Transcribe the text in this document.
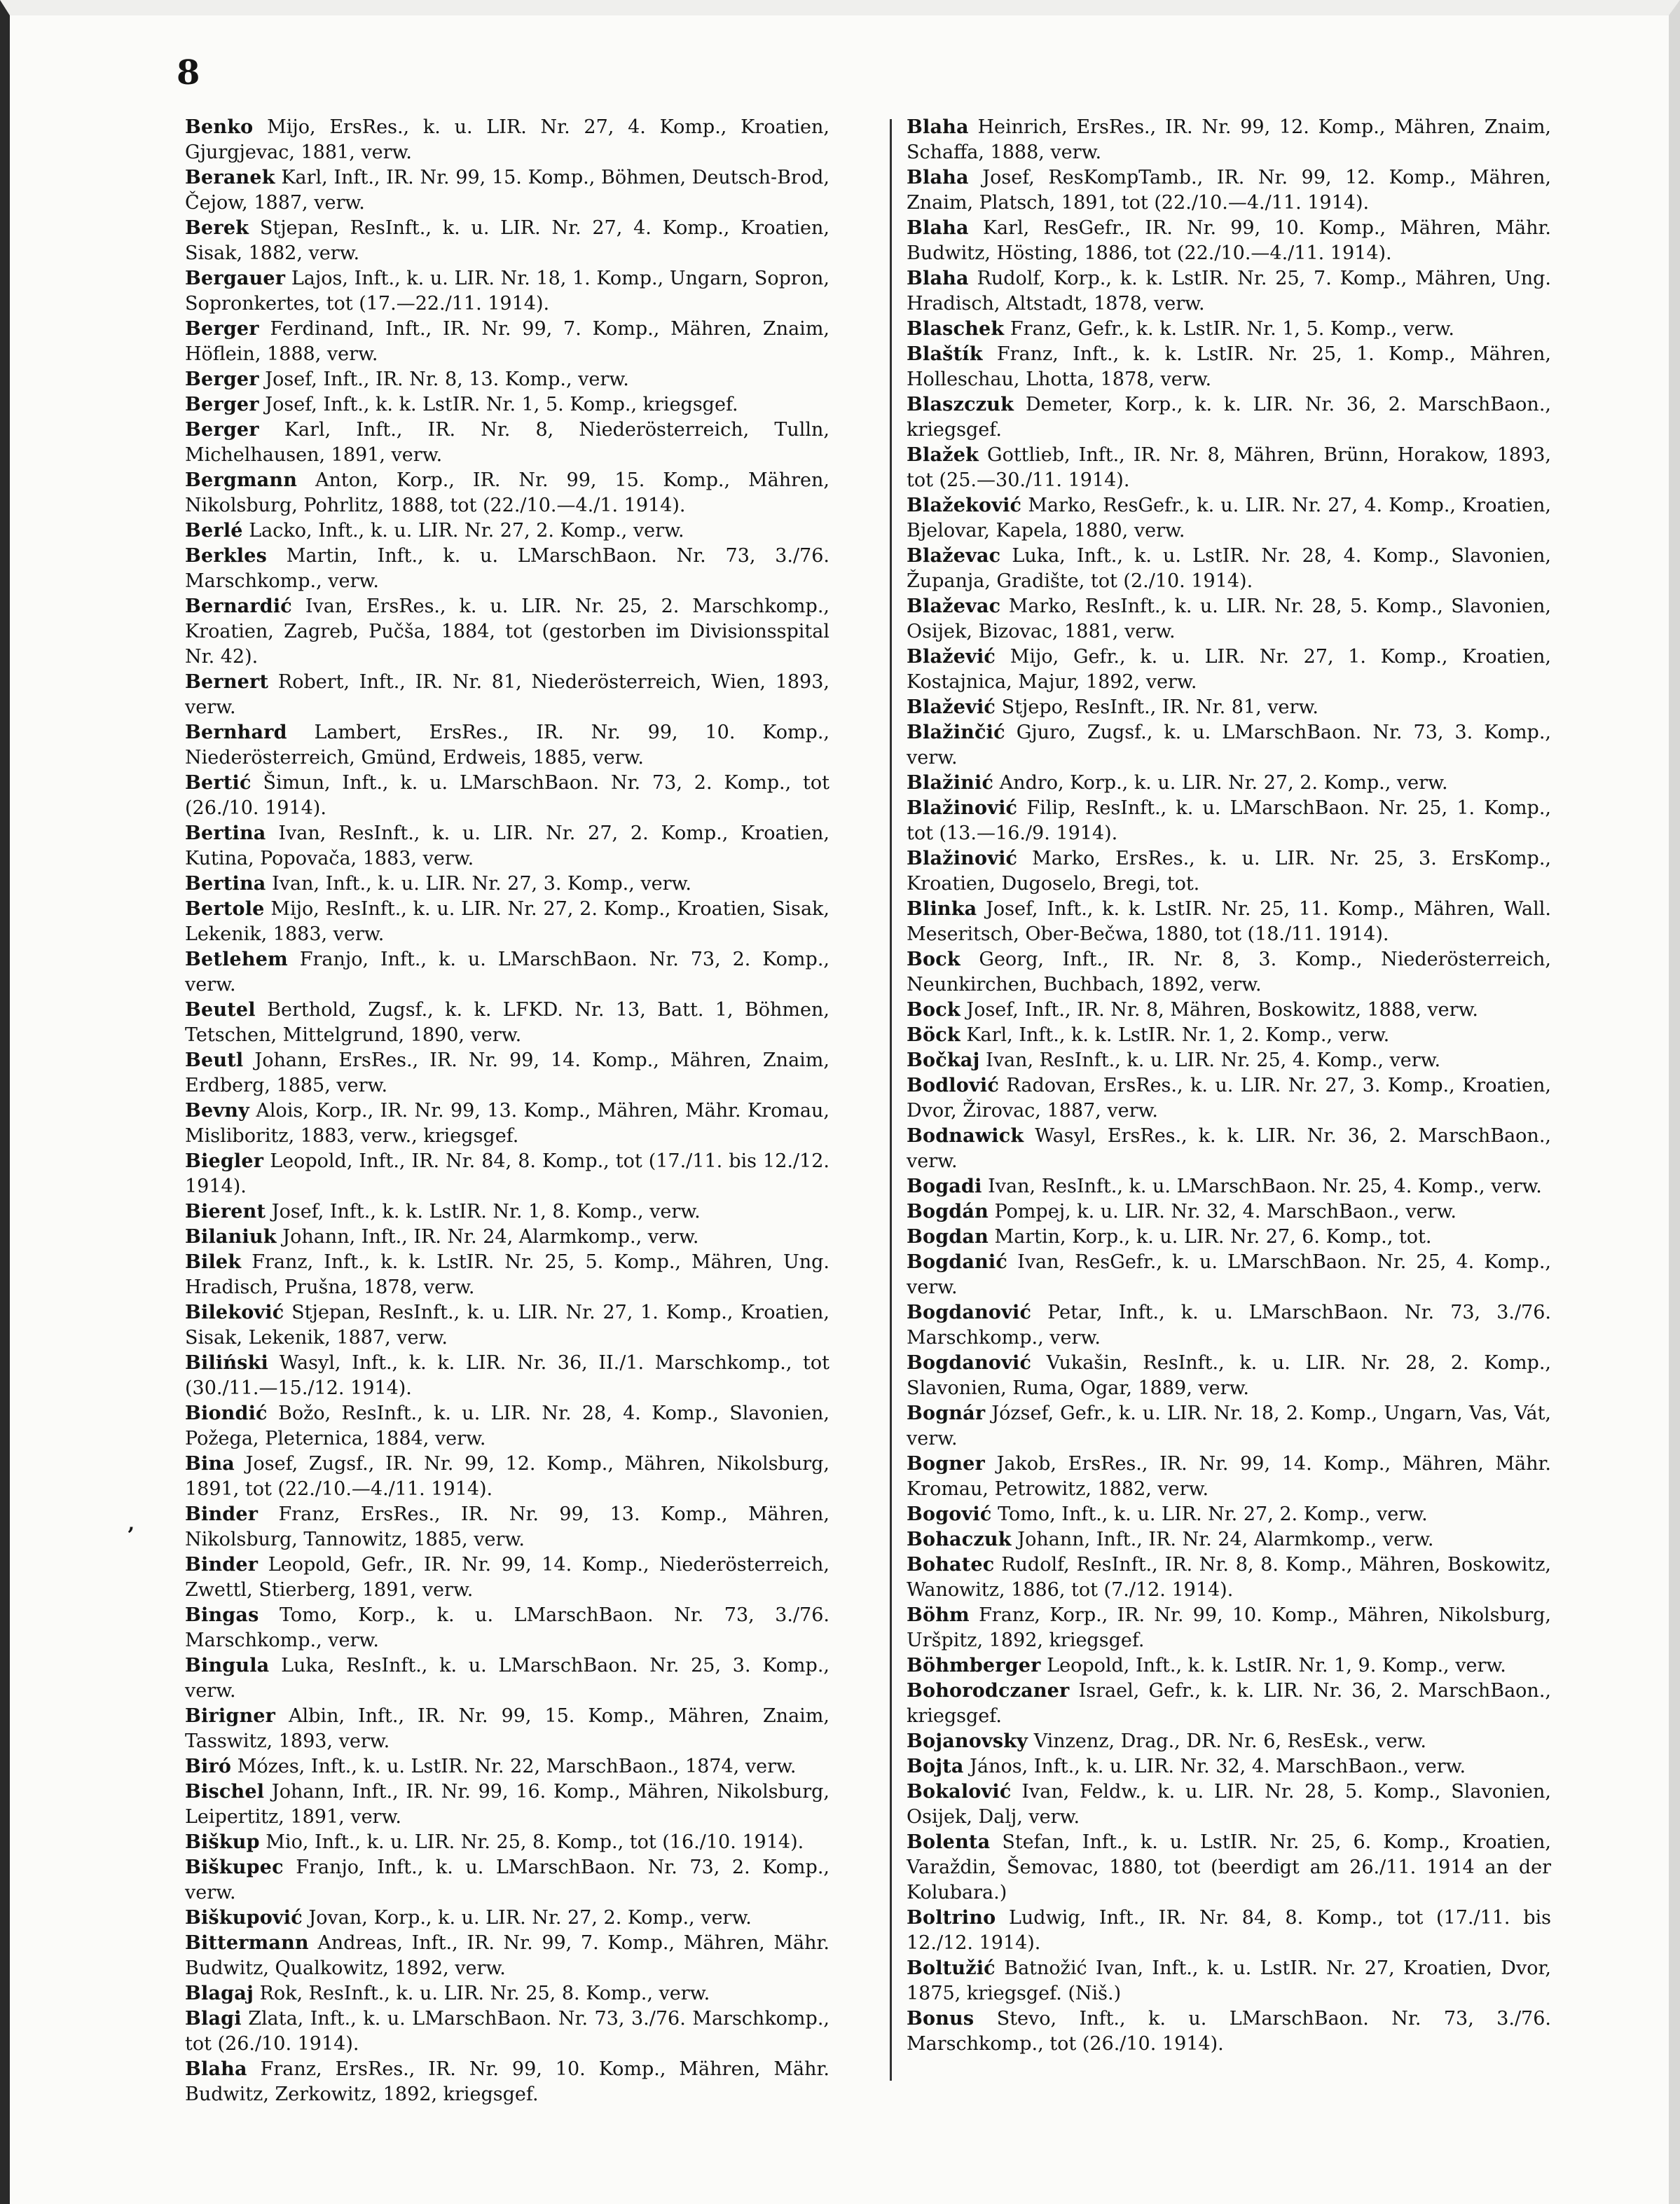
8
‚

Benko Mijo, ErsRes., k. u. LIR. Nr. 27, 4. Komp., Kroatien, Gjurgjevac, 1881, verw.

Beranek Karl, Inft., IR. Nr. 99, 15. Komp., Böhmen, Deutsch-Brod, Čejow, 1887, verw.

Berek Stjepan, ResInft., k. u. LIR. Nr. 27, 4. Komp., Kroatien, Sisak, 1882, verw.

Bergauer Lajos, Inft., k. u. LIR. Nr. 18, 1. Komp., Ungarn, Sopron, Sopronkertes, tot (17.—22./11. 1914).

Berger Ferdinand, Inft., IR. Nr. 99, 7. Komp., Mähren, Znaim, Höflein, 1888, verw.

Berger Josef, Inft., IR. Nr. 8, 13. Komp., verw.

Berger Josef, Inft., k. k. LstIR. Nr. 1, 5. Komp., kriegsgef.

Berger Karl, Inft., IR. Nr. 8, Niederösterreich, Tulln, Michelhausen, 1891, verw.

Bergmann Anton, Korp., IR. Nr. 99, 15. Komp., Mähren, Nikolsburg, Pohrlitz, 1888, tot (22./10.—4./1. 1914).

Berlé Lacko, Inft., k. u. LIR. Nr. 27, 2. Komp., verw.

Berkles Martin, Inft., k. u. LMarschBaon. Nr. 73, 3./76. Marschkomp., verw.

Bernardić Ivan, ErsRes., k. u. LIR. Nr. 25, 2. Marschkomp., Kroatien, Zagreb, Pučša, 1884, tot (gestorben im Divisionsspital Nr. 42).

Bernert Robert, Inft., IR. Nr. 81, Niederösterreich, Wien, 1893, verw.

Bernhard Lambert, ErsRes., IR. Nr. 99, 10. Komp., Niederösterreich, Gmünd, Erdweis, 1885, verw.

Bertić Šimun, Inft., k. u. LMarschBaon. Nr. 73, 2. Komp., tot (26./10. 1914).

Bertina Ivan, ResInft., k. u. LIR. Nr. 27, 2. Komp., Kroatien, Kutina, Popovača, 1883, verw.

Bertina Ivan, Inft., k. u. LIR. Nr. 27, 3. Komp., verw.

Bertole Mijo, ResInft., k. u. LIR. Nr. 27, 2. Komp., Kroatien, Sisak, Lekenik, 1883, verw.

Betlehem Franjo, Inft., k. u. LMarschBaon. Nr. 73, 2. Komp., verw.

Beutel Berthold, Zugsf., k. k. LFKD. Nr. 13, Batt. 1, Böhmen, Tetschen, Mittelgrund, 1890, verw.

Beutl Johann, ErsRes., IR. Nr. 99, 14. Komp., Mähren, Znaim, Erdberg, 1885, verw.

Bevny Alois, Korp., IR. Nr. 99, 13. Komp., Mähren, Mähr. Kromau, Misliboritz, 1883, verw., kriegsgef.

Biegler Leopold, Inft., IR. Nr. 84, 8. Komp., tot (17./11. bis 12./12. 1914).

Bierent Josef, Inft., k. k. LstIR. Nr. 1, 8. Komp., verw.

Bilaniuk Johann, Inft., IR. Nr. 24, Alarmkomp., verw.

Bilek Franz, Inft., k. k. LstIR. Nr. 25, 5. Komp., Mähren, Ung. Hradisch, Prušna, 1878, verw.

Bileković Stjepan, ResInft., k. u. LIR. Nr. 27, 1. Komp., Kroatien, Sisak, Lekenik, 1887, verw.

Biliński Wasyl, Inft., k. k. LIR. Nr. 36, II./1. Marschkomp., tot (30./11.—15./12. 1914).

Biondić Božo, ResInft., k. u. LIR. Nr. 28, 4. Komp., Slavonien, Požega, Pleternica, 1884, verw.

Bina Josef, Zugsf., IR. Nr. 99, 12. Komp., Mähren, Nikolsburg, 1891, tot (22./10.—4./11. 1914).

Binder Franz, ErsRes., IR. Nr. 99, 13. Komp., Mähren, Nikolsburg, Tannowitz, 1885, verw.

Binder Leopold, Gefr., IR. Nr. 99, 14. Komp., Niederösterreich, Zwettl, Stierberg, 1891, verw.

Bingas Tomo, Korp., k. u. LMarschBaon. Nr. 73, 3./76. Marschkomp., verw.

Bingula Luka, ResInft., k. u. LMarschBaon. Nr. 25, 3. Komp., verw.

Birigner Albin, Inft., IR. Nr. 99, 15. Komp., Mähren, Znaim, Tasswitz, 1893, verw.

Biró Mózes, Inft., k. u. LstIR. Nr. 22, MarschBaon., 1874, verw.

Bischel Johann, Inft., IR. Nr. 99, 16. Komp., Mähren, Nikolsburg, Leipertitz, 1891, verw.

Biškup Mio, Inft., k. u. LIR. Nr. 25, 8. Komp., tot (16./10. 1914).

Biškupec Franjo, Inft., k. u. LMarschBaon. Nr. 73, 2. Komp., verw.

Biškupović Jovan, Korp., k. u. LIR. Nr. 27, 2. Komp., verw.

Bittermann Andreas, Inft., IR. Nr. 99, 7. Komp., Mähren, Mähr. Budwitz, Qualkowitz, 1892, verw.

Blagaj Rok, ResInft., k. u. LIR. Nr. 25, 8. Komp., verw.

Blagi Zlata, Inft., k. u. LMarschBaon. Nr. 73, 3./76. Marschkomp., tot (26./10. 1914).

Blaha Franz, ErsRes., IR. Nr. 99, 10. Komp., Mähren, Mähr. Budwitz, Zerkowitz, 1892, kriegsgef.

Blaha Heinrich, ErsRes., IR. Nr. 99, 12. Komp., Mähren, Znaim, Schaffa, 1888, verw.

Blaha Josef, ResKompTamb., IR. Nr. 99, 12. Komp., Mähren, Znaim, Platsch, 1891, tot (22./10.—4./11. 1914).

Blaha Karl, ResGefr., IR. Nr. 99, 10. Komp., Mähren, Mähr. Budwitz, Hösting, 1886, tot (22./10.—4./11. 1914).

Blaha Rudolf, Korp., k. k. LstIR. Nr. 25, 7. Komp., Mähren, Ung. Hradisch, Altstadt, 1878, verw.

Blaschek Franz, Gefr., k. k. LstIR. Nr. 1, 5. Komp., verw.

Blaštík Franz, Inft., k. k. LstIR. Nr. 25, 1. Komp., Mähren, Holleschau, Lhotta, 1878, verw.

Blaszczuk Demeter, Korp., k. k. LIR. Nr. 36, 2. MarschBaon., kriegsgef.

Blažek Gottlieb, Inft., IR. Nr. 8, Mähren, Brünn, Horakow, 1893, tot (25.—30./11. 1914).

Blažeković Marko, ResGefr., k. u. LIR. Nr. 27, 4. Komp., Kroatien, Bjelovar, Kapela, 1880, verw.

Blaževac Luka, Inft., k. u. LstIR. Nr. 28, 4. Komp., Slavonien, Županja, Gradište, tot (2./10. 1914).

Blaževac Marko, ResInft., k. u. LIR. Nr. 28, 5. Komp., Slavonien, Osijek, Bizovac, 1881, verw.

Blažević Mijo, Gefr., k. u. LIR. Nr. 27, 1. Komp., Kroatien, Kostajnica, Majur, 1892, verw.

Blažević Stjepo, ResInft., IR. Nr. 81, verw.

Blažinčić Gjuro, Zugsf., k. u. LMarschBaon. Nr. 73, 3. Komp., verw.

Blažinić Andro, Korp., k. u. LIR. Nr. 27, 2. Komp., verw.

Blažinović Filip, ResInft., k. u. LMarschBaon. Nr. 25, 1. Komp., tot (13.—16./9. 1914).

Blažinović Marko, ErsRes., k. u. LIR. Nr. 25, 3. ErsKomp., Kroatien, Dugoselo, Bregi, tot.

Blinka Josef, Inft., k. k. LstIR. Nr. 25, 11. Komp., Mähren, Wall. Meseritsch, Ober-Bečwa, 1880, tot (18./11. 1914).

Bock Georg, Inft., IR. Nr. 8, 3. Komp., Niederösterreich, Neunkirchen, Buchbach, 1892, verw.

Bock Josef, Inft., IR. Nr. 8, Mähren, Boskowitz, 1888, verw.

Böck Karl, Inft., k. k. LstIR. Nr. 1, 2. Komp., verw.

Bočkaj Ivan, ResInft., k. u. LIR. Nr. 25, 4. Komp., verw.

Bodlović Radovan, ErsRes., k. u. LIR. Nr. 27, 3. Komp., Kroatien, Dvor, Žirovac, 1887, verw.

Bodnawick Wasyl, ErsRes., k. k. LIR. Nr. 36, 2. MarschBaon., verw.

Bogadi Ivan, ResInft., k. u. LMarschBaon. Nr. 25, 4. Komp., verw.

Bogdán Pompej, k. u. LIR. Nr. 32, 4. MarschBaon., verw.

Bogdan Martin, Korp., k. u. LIR. Nr. 27, 6. Komp., tot.

Bogdanić Ivan, ResGefr., k. u. LMarschBaon. Nr. 25, 4. Komp., verw.

Bogdanović Petar, Inft., k. u. LMarschBaon. Nr. 73, 3./76. Marschkomp., verw.

Bogdanović Vukašin, ResInft., k. u. LIR. Nr. 28, 2. Komp., Slavonien, Ruma, Ogar, 1889, verw.

Bognár József, Gefr., k. u. LIR. Nr. 18, 2. Komp., Ungarn, Vas, Vát, verw.

Bogner Jakob, ErsRes., IR. Nr. 99, 14. Komp., Mähren, Mähr. Kromau, Petrowitz, 1882, verw.

Bogović Tomo, Inft., k. u. LIR. Nr. 27, 2. Komp., verw.

Bohaczuk Johann, Inft., IR. Nr. 24, Alarmkomp., verw.

Bohatec Rudolf, ResInft., IR. Nr. 8, 8. Komp., Mähren, Boskowitz, Wanowitz, 1886, tot (7./12. 1914).

Böhm Franz, Korp., IR. Nr. 99, 10. Komp., Mähren, Nikolsburg, Uršpitz, 1892, kriegsgef.

Böhmberger Leopold, Inft., k. k. LstIR. Nr. 1, 9. Komp., verw.

Bohorodczaner Israel, Gefr., k. k. LIR. Nr. 36, 2. MarschBaon., kriegsgef.

Bojanovsky Vinzenz, Drag., DR. Nr. 6, ResEsk., verw.

Bojta János, Inft., k. u. LIR. Nr. 32, 4. MarschBaon., verw.

Bokalović Ivan, Feldw., k. u. LIR. Nr. 28, 5. Komp., Slavonien, Osijek, Dalj, verw.

Bolenta Stefan, Inft., k. u. LstIR. Nr. 25, 6. Komp., Kroatien, Varaždin, Šemovac, 1880, tot (beerdigt am 26./11. 1914 an der Kolubara.)

Boltrino Ludwig, Inft., IR. Nr. 84, 8. Komp., tot (17./11. bis 12./12. 1914).

Boltužić Batnožić Ivan, Inft., k. u. LstIR. Nr. 27, Kroatien, Dvor, 1875, kriegsgef. (Niš.)

Bonus Stevo, Inft., k. u. LMarschBaon. Nr. 73, 3./76. Marschkomp., tot (26./10. 1914).
